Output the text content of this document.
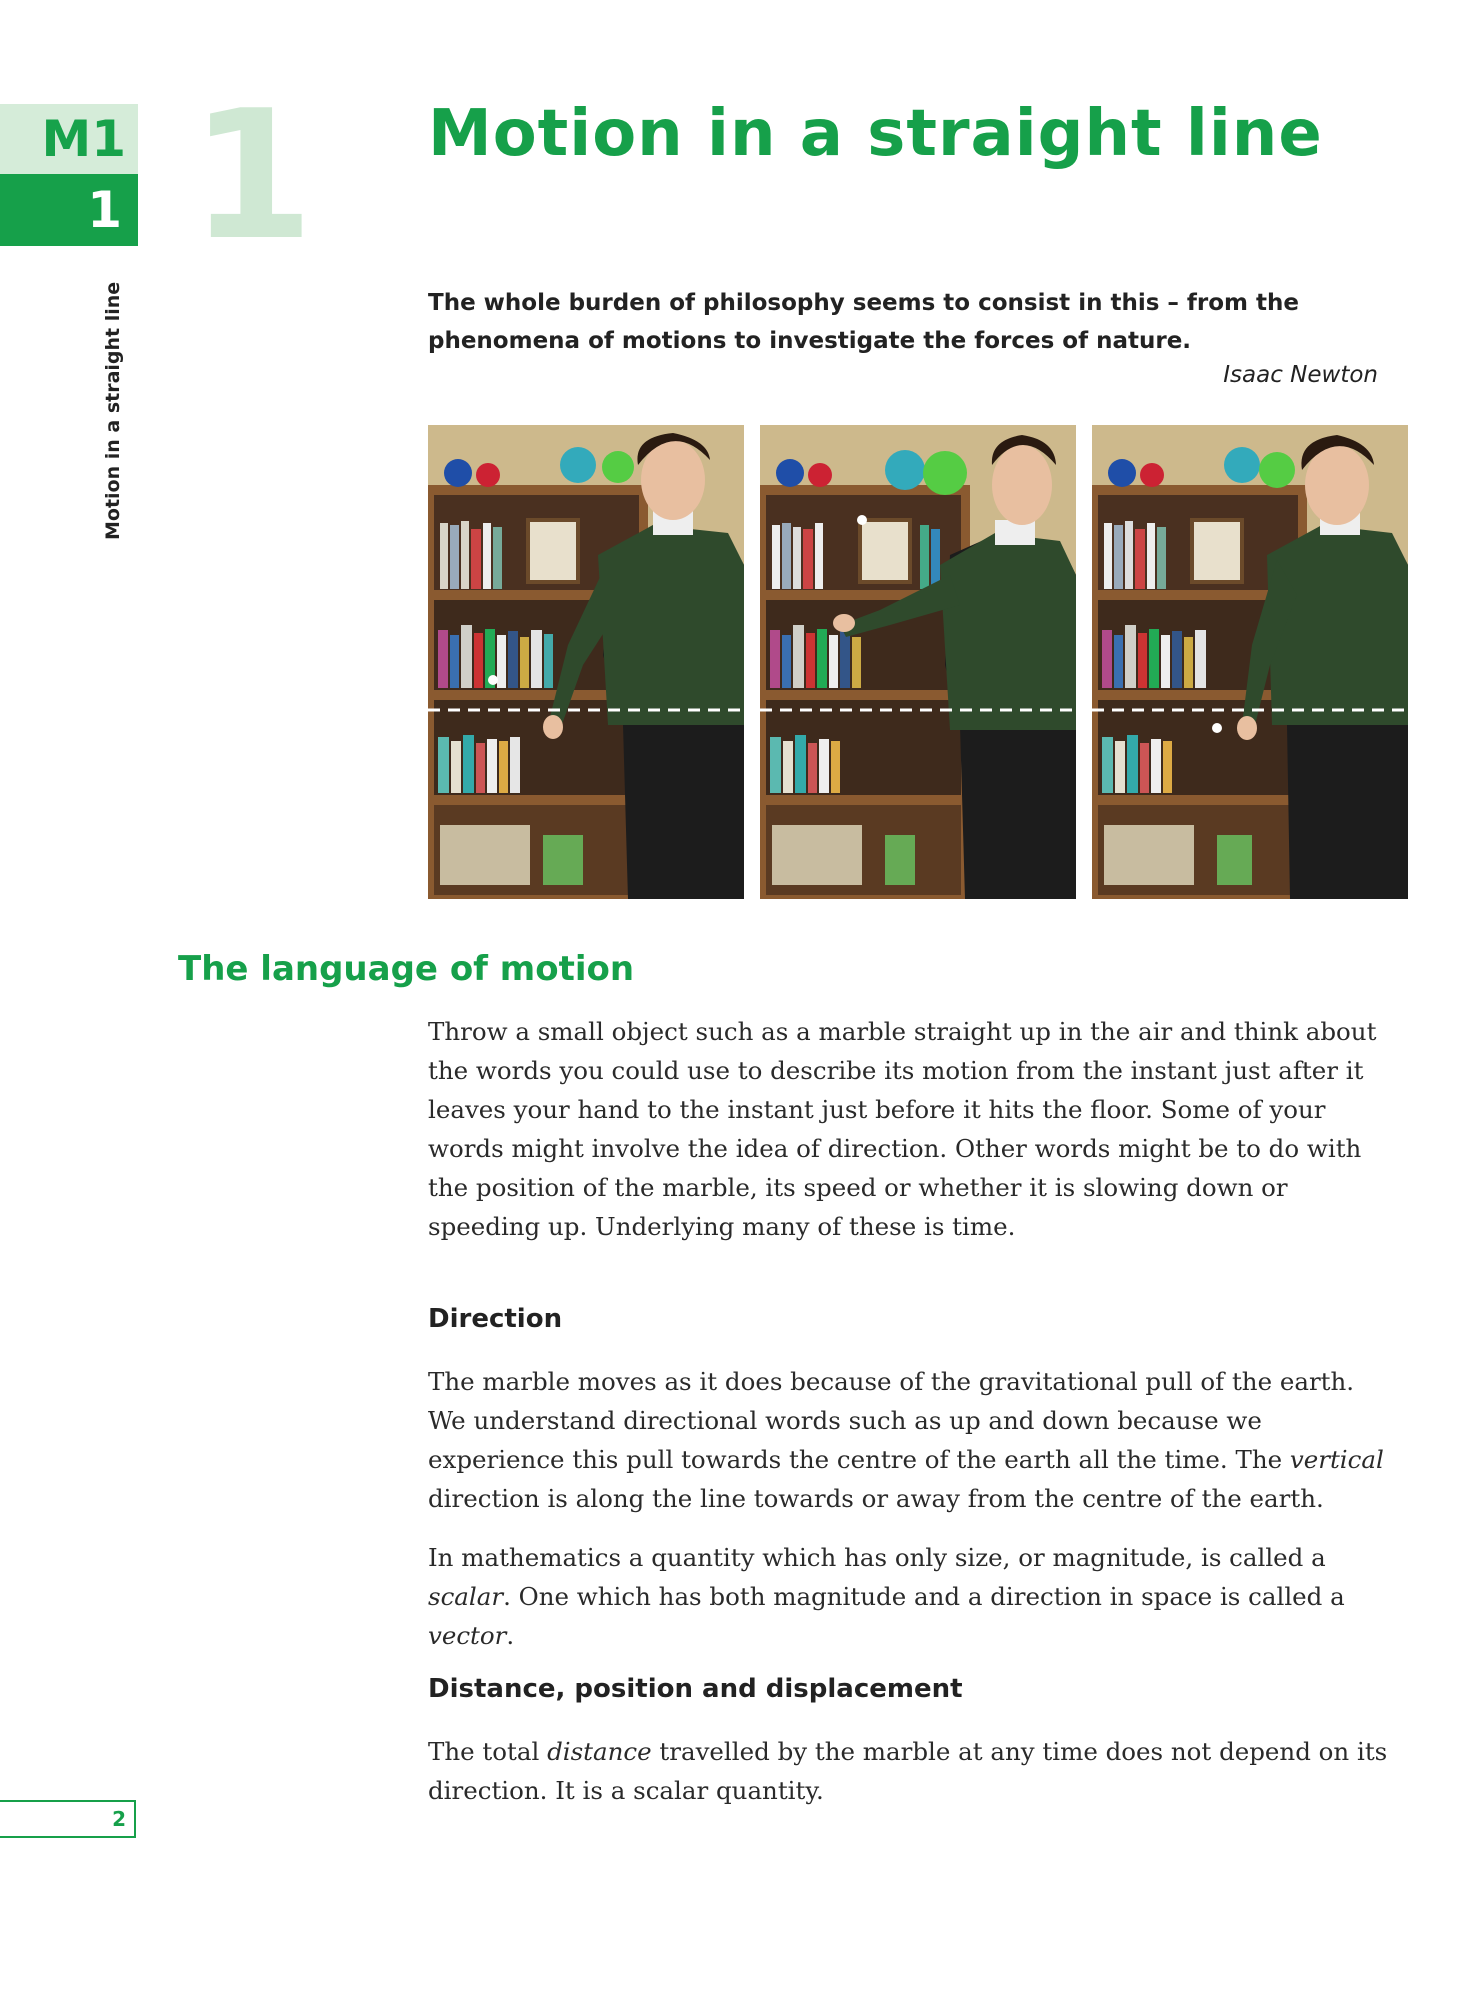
M1
1 1
Motion in a straight line
Motion in a straight line
The whole burden of philosophy seems to consist in this – from the phenomena of motions to investigate the forces of nature.
Isaac Newton
The language of motion

Throw a small object such as a marble straight up in the air and think about the words you could use to describe its motion from the instant just after it leaves your hand to the instant just before it hits the floor. Some of your words might involve the idea of direction. Other words might be to do with the position of the marble, its speed or whether it is slowing down or speeding up. Underlying many of these is time.

Direction

The marble moves as it does because of the gravitational pull of the earth. We understand directional words such as up and down because we experience this pull towards the centre of the earth all the time. The vertical direction is along the line towards or away from the centre of the earth.

In mathematics a quantity which has only size, or magnitude, is called a scalar. One which has both magnitude and a direction in space is called a vector.

Distance, position and displacement

The total distance travelled by the marble at any time does not depend on its direction. It is a scalar quantity.

2
